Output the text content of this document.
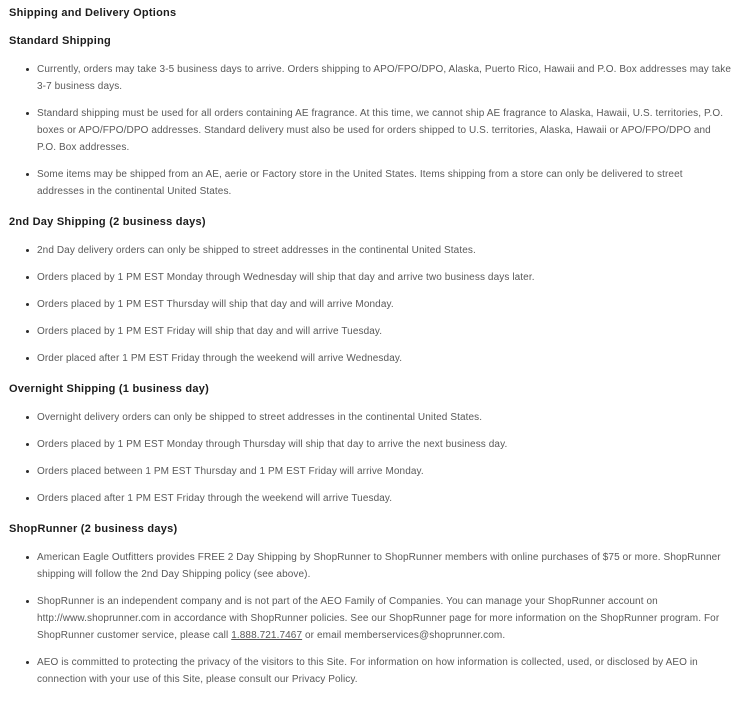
Shipping and Delivery Options
Standard Shipping
Currently, orders may take 3-5 business days to arrive. Orders shipping to APO/FPO/DPO, Alaska, Puerto Rico, Hawaii and P.O. Box addresses may take 3-7 business days.
Standard shipping must be used for all orders containing AE fragrance. At this time, we cannot ship AE fragrance to Alaska, Hawaii, U.S. territories, P.O. boxes or APO/FPO/DPO addresses. Standard delivery must also be used for orders shipped to U.S. territories, Alaska, Hawaii or APO/FPO/DPO and P.O. Box addresses.
Some items may be shipped from an AE, aerie or Factory store in the United States. Items shipping from a store can only be delivered to street addresses in the continental United States.
2nd Day Shipping (2 business days)
2nd Day delivery orders can only be shipped to street addresses in the continental United States.
Orders placed by 1 PM EST Monday through Wednesday will ship that day and arrive two business days later.
Orders placed by 1 PM EST Thursday will ship that day and will arrive Monday.
Orders placed by 1 PM EST Friday will ship that day and will arrive Tuesday.
Order placed after 1 PM EST Friday through the weekend will arrive Wednesday.
Overnight Shipping (1 business day)
Overnight delivery orders can only be shipped to street addresses in the continental United States.
Orders placed by 1 PM EST Monday through Thursday will ship that day to arrive the next business day.
Orders placed between 1 PM EST Thursday and 1 PM EST Friday will arrive Monday.
Orders placed after 1 PM EST Friday through the weekend will arrive Tuesday.
ShopRunner (2 business days)
American Eagle Outfitters provides FREE 2 Day Shipping by ShopRunner to ShopRunner members with online purchases of $75 or more. ShopRunner shipping will follow the 2nd Day Shipping policy (see above).
ShopRunner is an independent company and is not part of the AEO Family of Companies. You can manage your ShopRunner account on http://www.shoprunner.com in accordance with ShopRunner policies. See our ShopRunner page for more information on the ShopRunner program. For ShopRunner customer service, please call 1.888.721.7467 or email memberservices@shoprunner.com.
AEO is committed to protecting the privacy of the visitors to this Site. For information on how information is collected, used, or disclosed by AEO in connection with your use of this Site, please consult our Privacy Policy.
